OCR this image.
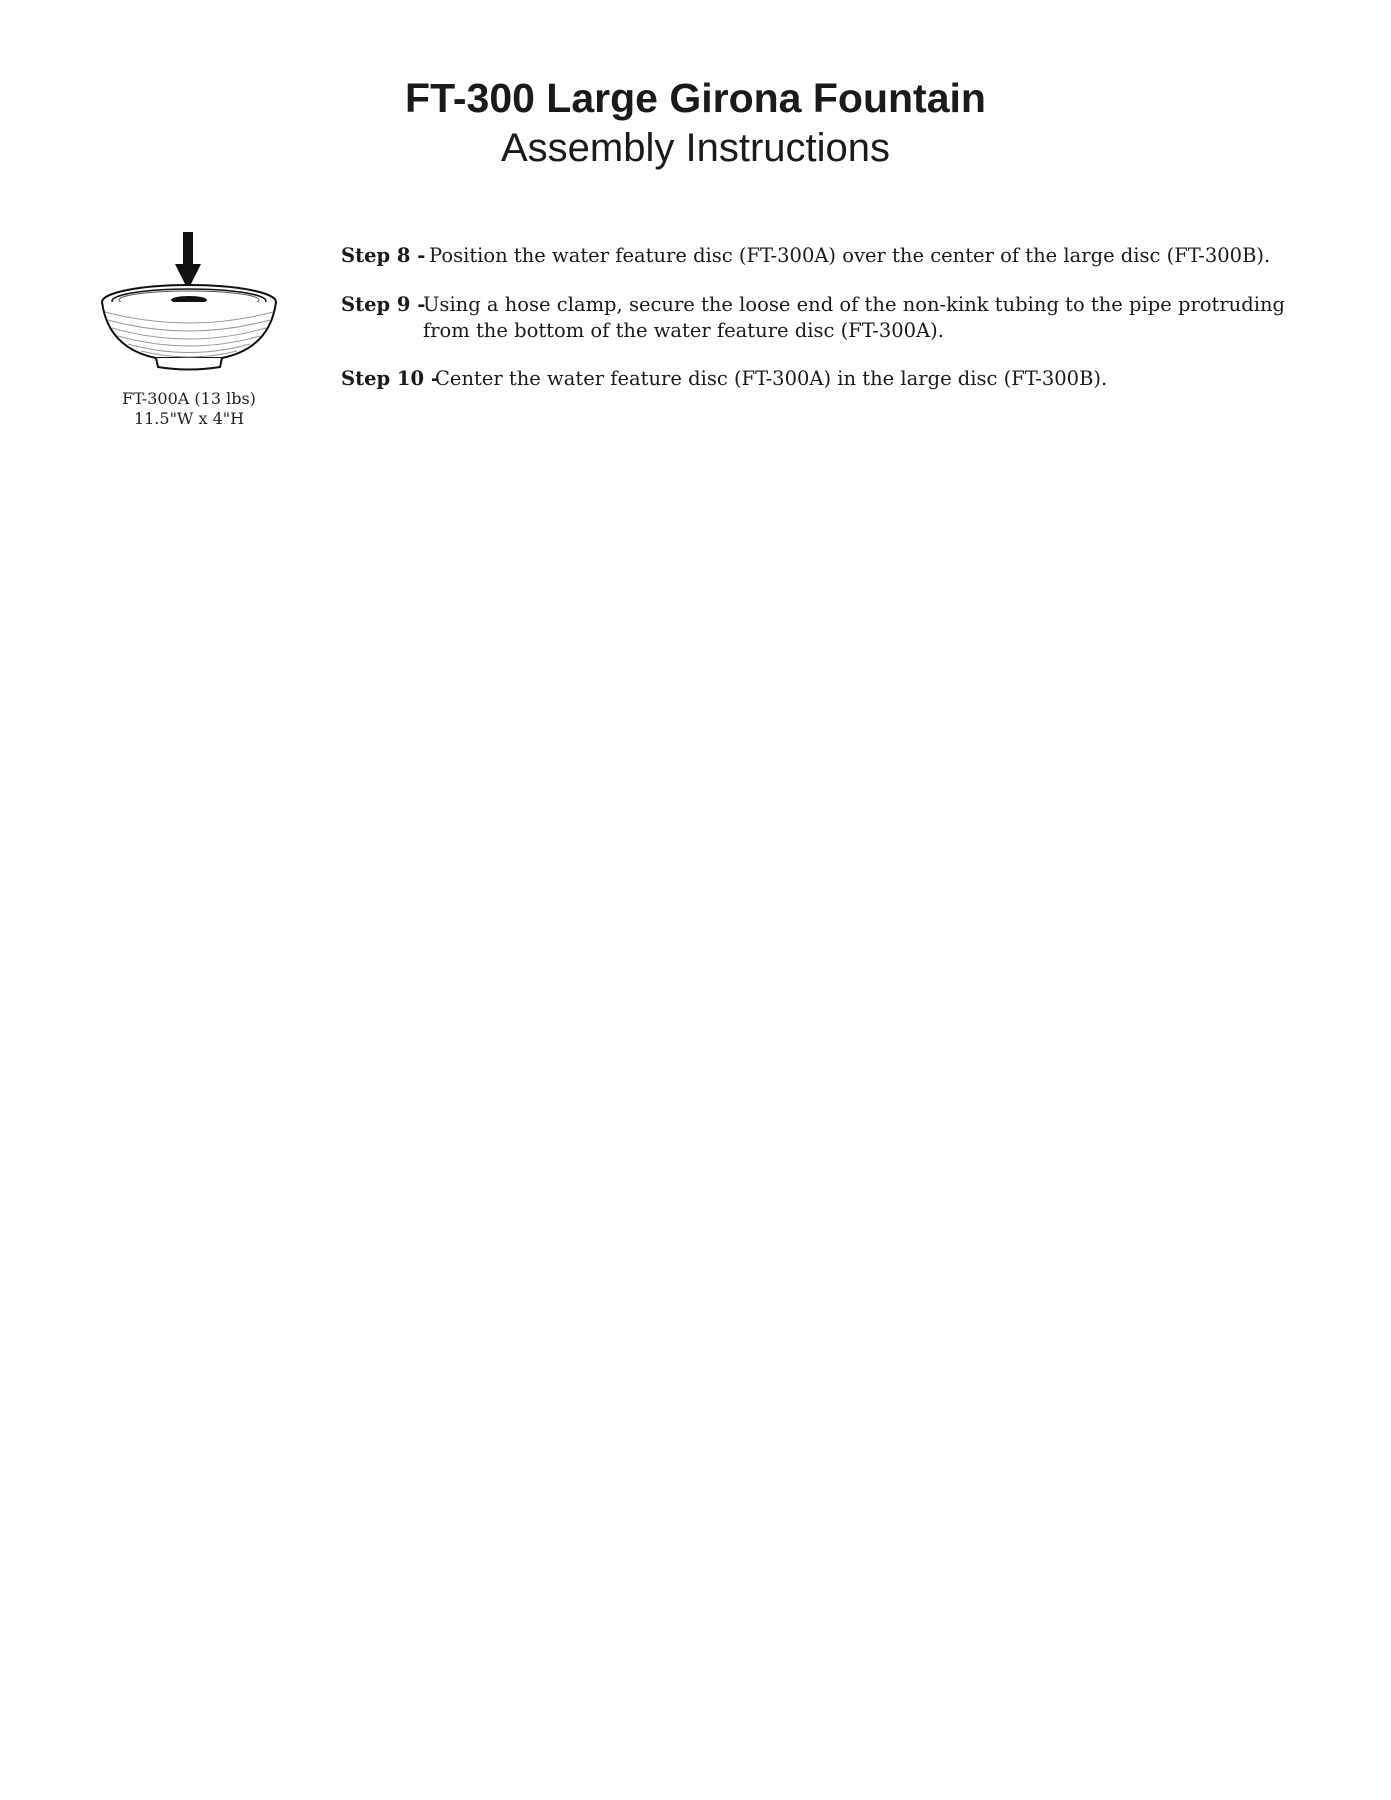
FT-300 Large Girona Fountain
Assembly Instructions
FT-300A (13 lbs)
11.5"W x 4"H
Step 8 - Position the water feature disc (FT-300A) over the center of the large disc (FT-300B).
Step 9 -
Using a hose clamp, secure the loose end of the non-kink tubing to the pipe protruding
from the bottom of the water feature disc (FT-300A).
Step 10 -
Center the water feature disc (FT-300A) in the large disc (FT-300B).
